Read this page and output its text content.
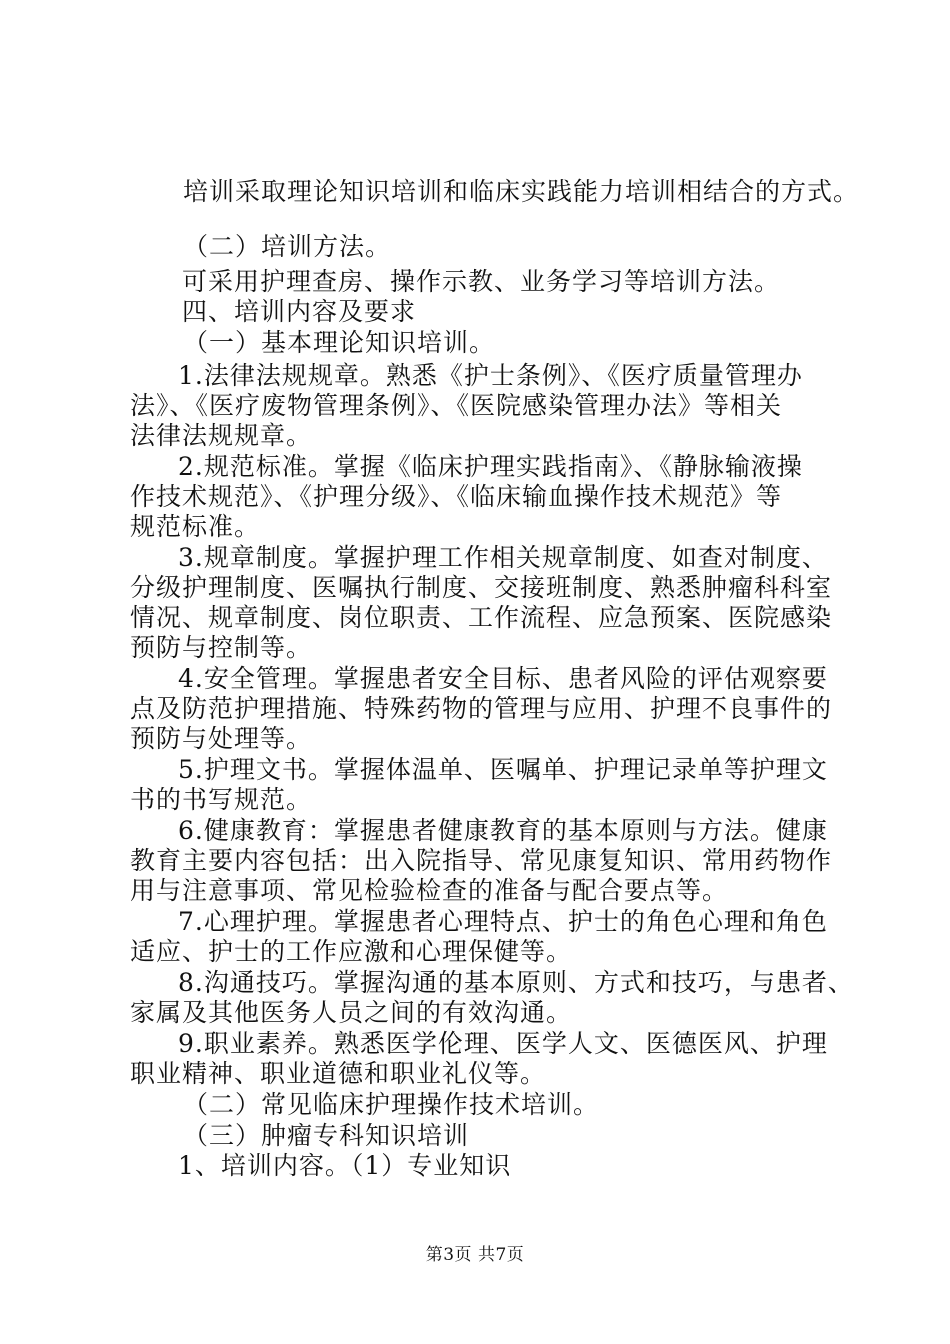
培训采取理论知识培训和临床实践能力培训相结合的方式。
（二）培训方法。
可采用护理查房、操作示教、业务学习等培训方法。
四、培训内容及要求
（一）基本理论知识培训。
1.法律法规规章。熟悉《护士条例》、《医疗质量管理办
法》、《医疗废物管理条例》、《医院感染管理办法》等相关
法律法规规章。
2.规范标准。掌握《临床护理实践指南》、《静脉输液操
作技术规范》、《护理分级》、《临床输血操作技术规范》等
规范标准。
3.规章制度。掌握护理工作相关规章制度、如查对制度、
分级护理制度、医嘱执行制度、交接班制度、熟悉肿瘤科科室
情况、规章制度、岗位职责、工作流程、应急预案、医院感染
预防与控制等。
4.安全管理。掌握患者安全目标、患者风险的评估观察要
点及防范护理措施、特殊药物的管理与应用、护理不良事件的
预防与处理等。
5.护理文书。掌握体温单、医嘱单、护理记录单等护理文
书的书写规范。
6.健康教育：掌握患者健康教育的基本原则与方法。健康
教育主要内容包括：出入院指导、常见康复知识、常用药物作
用与注意事项、常见检验检查的准备与配合要点等。
7.心理护理。掌握患者心理特点、护士的角色心理和角色
适应、护士的工作应激和心理保健等。
8.沟通技巧。掌握沟通的基本原则、方式和技巧，与患者、
家属及其他医务人员之间的有效沟通。
9.职业素养。熟悉医学伦理、医学人文、医德医风、护理
职业精神、职业道德和职业礼仪等。
（二）常见临床护理操作技术培训。
（三）肿瘤专科知识培训
1、培训内容。（1）专业知识
第3页 共7页
